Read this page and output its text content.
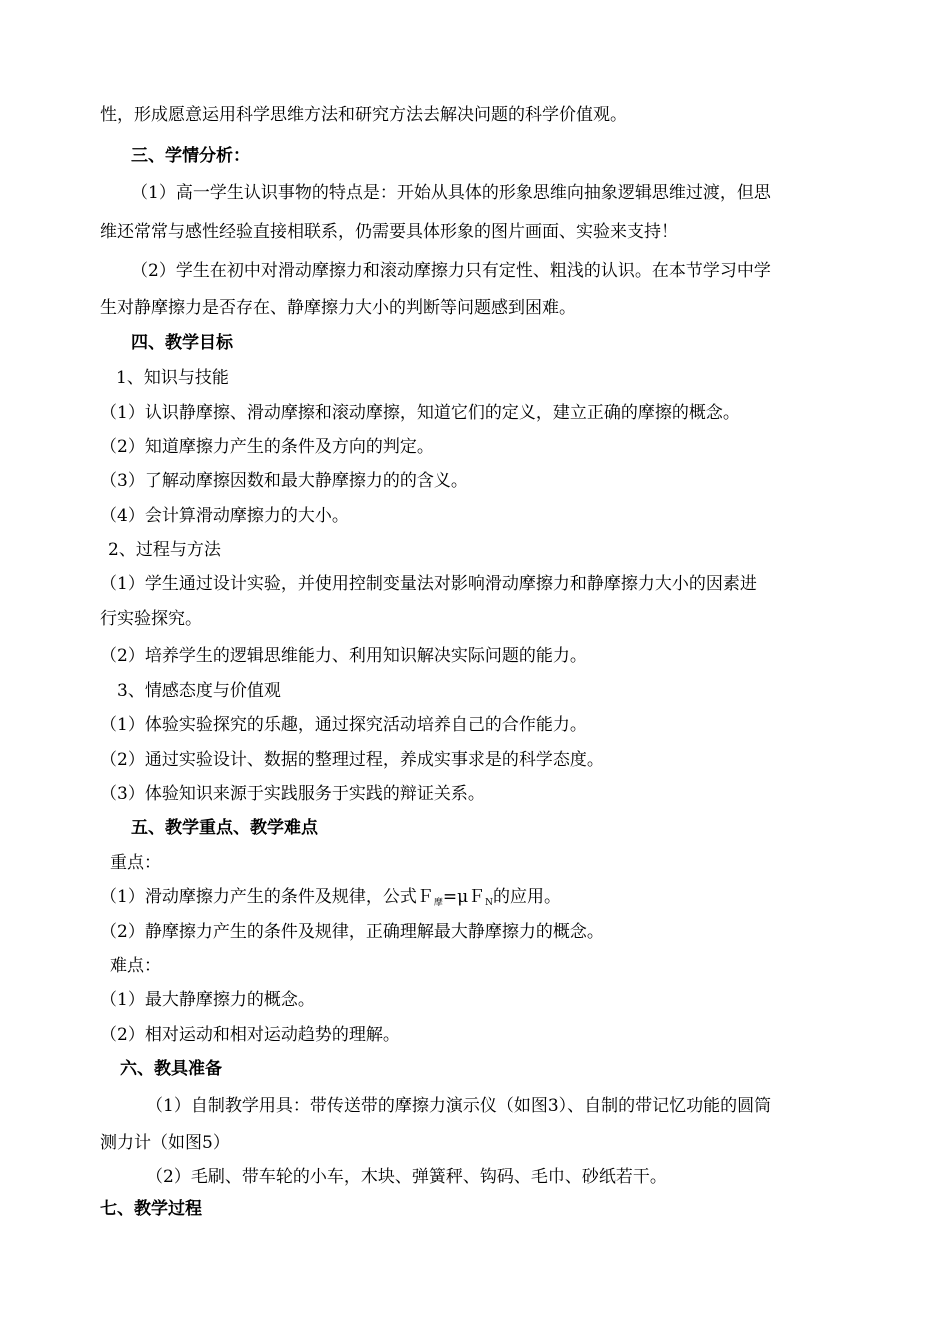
性，形成愿意运用科学思维方法和研究方法去解决问题的科学价值观。
三、学情分析：
（1）高一学生认识事物的特点是：开始从具体的形象思维向抽象逻辑思维过渡，但思
维还常常与感性经验直接相联系，仍需要具体形象的图片画面、实验来支持！
（2）学生在初中对滑动摩擦力和滚动摩擦力只有定性、粗浅的认识。在本节学习中学
生对静摩擦力是否存在、静摩擦力大小的判断等问题感到困难。
四、教学目标
1、知识与技能
（1）认识静摩擦、滑动摩擦和滚动摩擦，知道它们的定义，建立正确的摩擦的概念。
（2）知道摩擦力产生的条件及方向的判定。
（3）了解动摩擦因数和最大静摩擦力的的含义。
（4）会计算滑动摩擦力的大小。
2、过程与方法
（1）学生通过设计实验，并使用控制变量法对影响滑动摩擦力和静摩擦力大小的因素进
行实验探究。
（2）培养学生的逻辑思维能力、利用知识解决实际问题的能力。
3、情感态度与价值观
（1）体验实验探究的乐趣，通过探究活动培养自己的合作能力。
（2）通过实验设计、数据的整理过程，养成实事求是的科学态度。
（3）体验知识来源于实践服务于实践的辩证关系。
五、教学重点、教学难点
重点：
（1）滑动摩擦力产生的条件及规律，公式Ｆ$_摩$=μＦ$_N$的应用。
（2）静摩擦力产生的条件及规律，正确理解最大静摩擦力的概念。
难点：
（1）最大静摩擦力的概念。
（2）相对运动和相对运动趋势的理解。
六、教具准备
（1）自制教学用具：带传送带的摩擦力演示仪（如图3）、自制的带记忆功能的圆筒
测力计（如图5）
（2）毛刷、带车轮的小车，木块、弹簧秤、钩码、毛巾、砂纸若干。
七、教学过程
